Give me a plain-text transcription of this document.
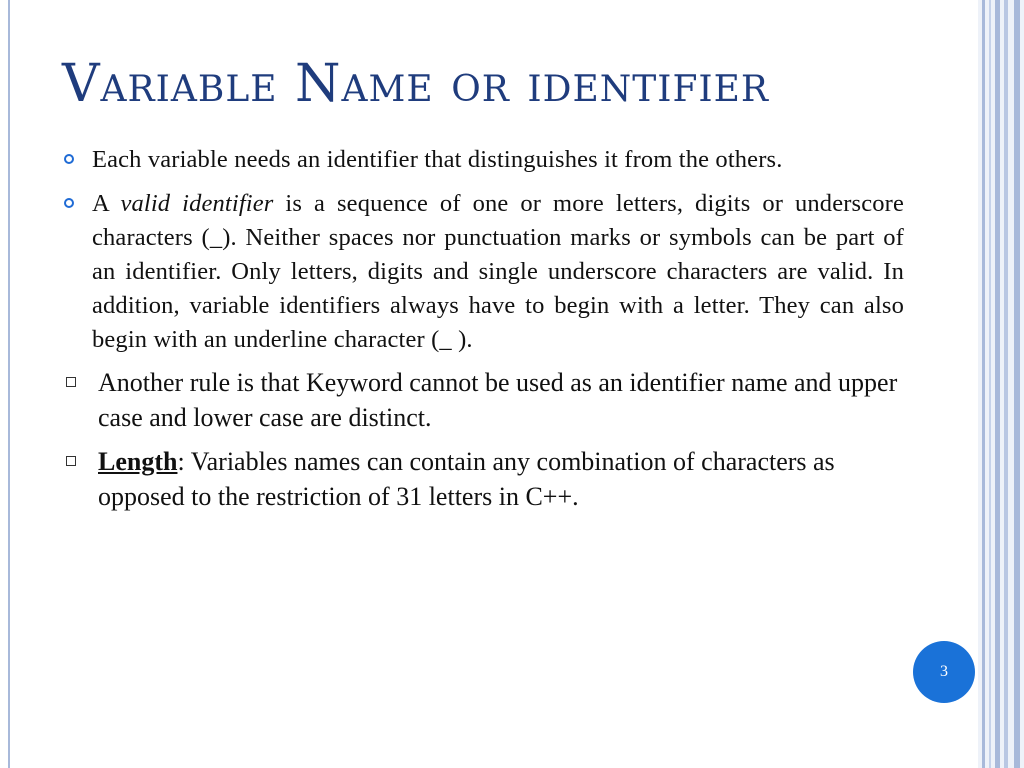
Variable Name or identifier
Each variable needs an identifier that distinguishes it from the others.
A valid identifier is a sequence of one or more letters, digits or underscore characters (_). Neither spaces nor punctuation marks or symbols can be part of an identifier. Only letters, digits and single underscore characters are valid. In addition, variable identifiers always have to begin with a letter. They can also begin with an underline character (_ ).
Another rule is that Keyword cannot be used as an identifier name and upper case and lower case are distinct.
Length: Variables names can contain any combination of characters as opposed to the restriction of 31 letters in C++.
3
